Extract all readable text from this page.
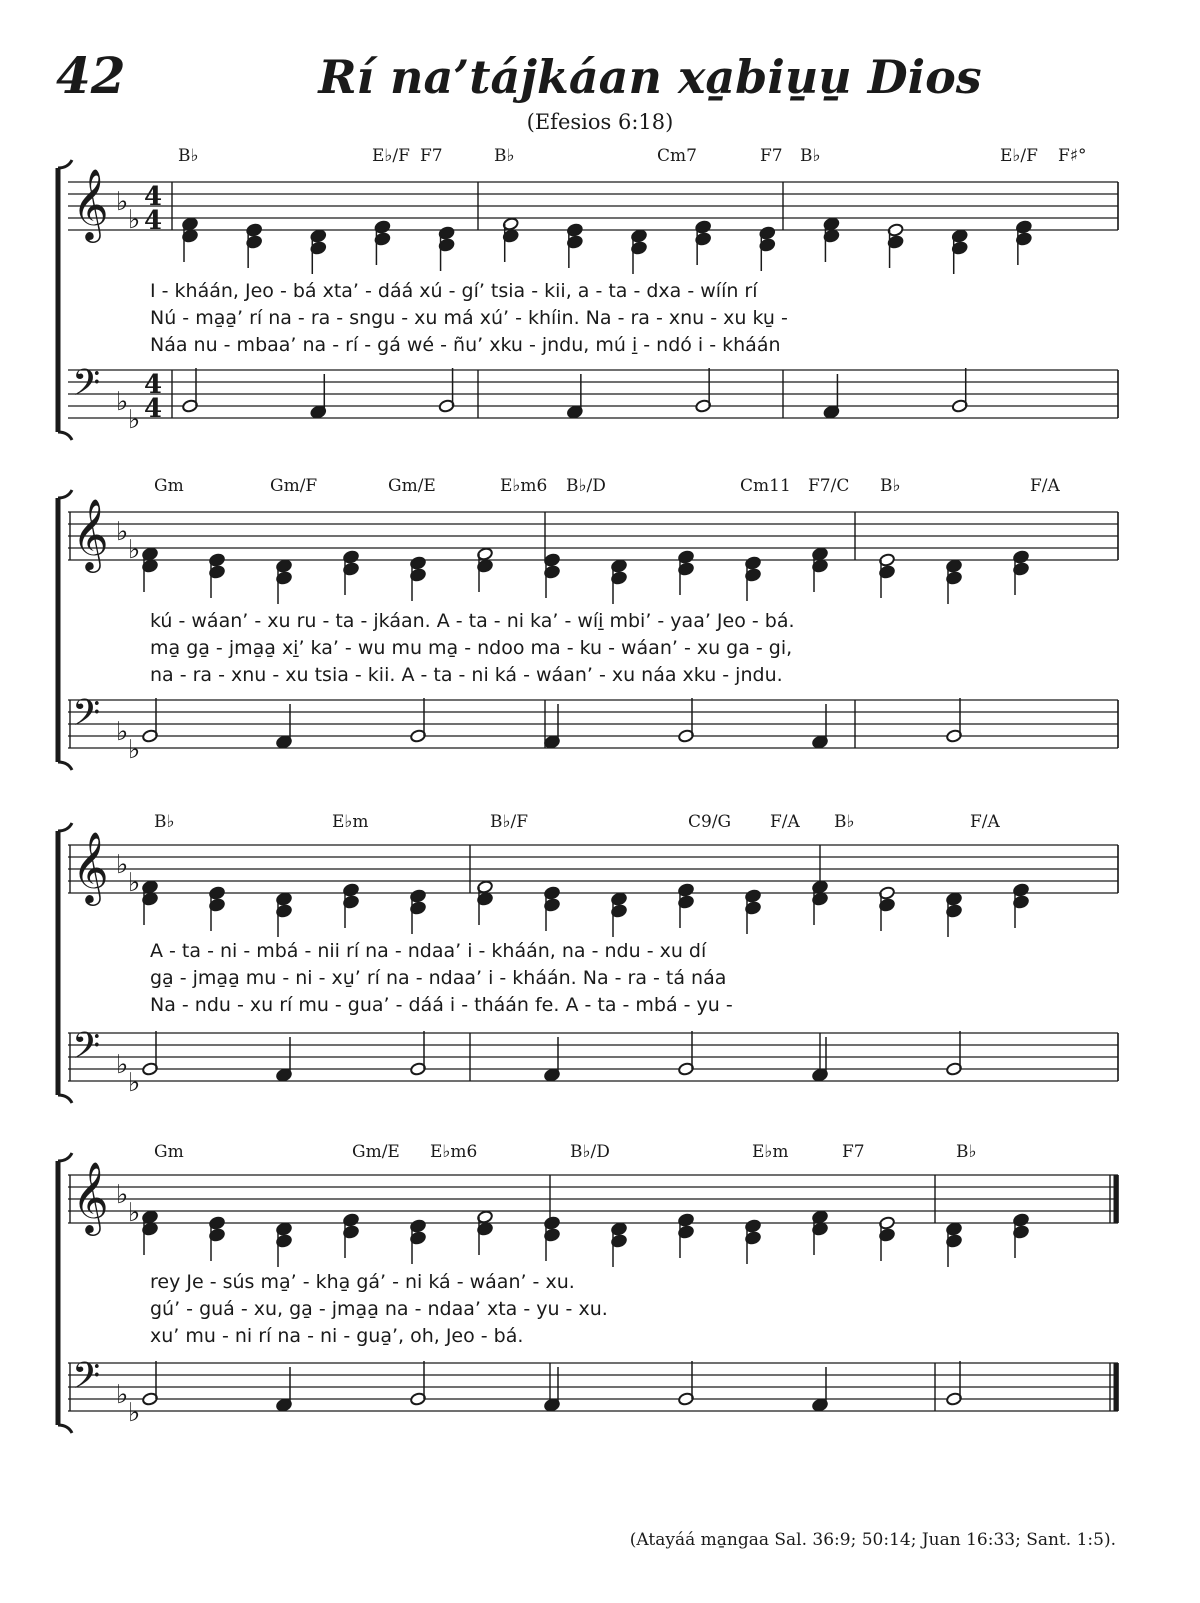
42	Rí na’tájkáan xa̱biu̱u̱ Dios
(Efesios 6:18)
𝄞 ♭
♭
4
4
𝄢 ♭
♭
4
4
𝄞 ♭
♭
𝄢 ♭
♭
𝄞 ♭
♭
𝄢 ♭
♭
𝄞 ♭
♭
𝄢 ♭
♭
B♭	E♭/F F7	B♭	Cm7	F7 B♭	E♭/F F♯°
Gm	Gm/F	Gm/E	E♭m6 B♭/D	Cm11 F7/C B♭	F/A
B♭	E♭m	B♭/F	C9/G F/A B♭	F/A
Gm	Gm/E E♭m6	B♭/D	E♭m	F7	B♭
I - kháán, Jeo - bá xta’ - dáá xú - gí’ tsia - kii, a - ta - dxa - wíín rí
Nú - ma̱a̱’ rí na - ra - sngu - xu má xú’ - khíin. Na - ra - xnu - xu ku̱ -
Náa nu - mbaa’ na - rí - gá wé - ñu’ xku - jndu, mú i̱ - ndó i - kháán
kú - wáan’ - xu ru - ta - jkáan. A - ta - ni ka’ - wíi̱ mbi’ - yaa’ Jeo - bá.
ma̱ ga̱ - jma̱a̱ xi̱’ ka’ - wu mu ma̱ - ndoo ma - ku - wáan’ - xu ga - gi,
na - ra - xnu - xu tsia - kii. A - ta - ni ká - wáan’ - xu náa xku - jndu.
A - ta - ni - mbá - nii rí na - ndaa’ i - kháán, na - ndu - xu dí
ga̱ - jma̱a̱ mu - ni - xu̱’ rí na - ndaa’ i - kháán. Na - ra - tá náa
Na - ndu - xu rí mu - gua’ - dáá i - tháán fe. A - ta - mbá - yu -
rey Je - sús ma̱’ - kha̱ gá’ - ni ká - wáan’ - xu.
gú’ - guá - xu, ga̱ - jma̱a̱ na - ndaa’ xta - yu - xu.
xu’ mu - ni rí na - ni - gua̱’, oh, Jeo - bá.
(Atayáá ma̱ngaa Sal. 36:9; 50:14; Juan 16:33; Sant. 1:5).
